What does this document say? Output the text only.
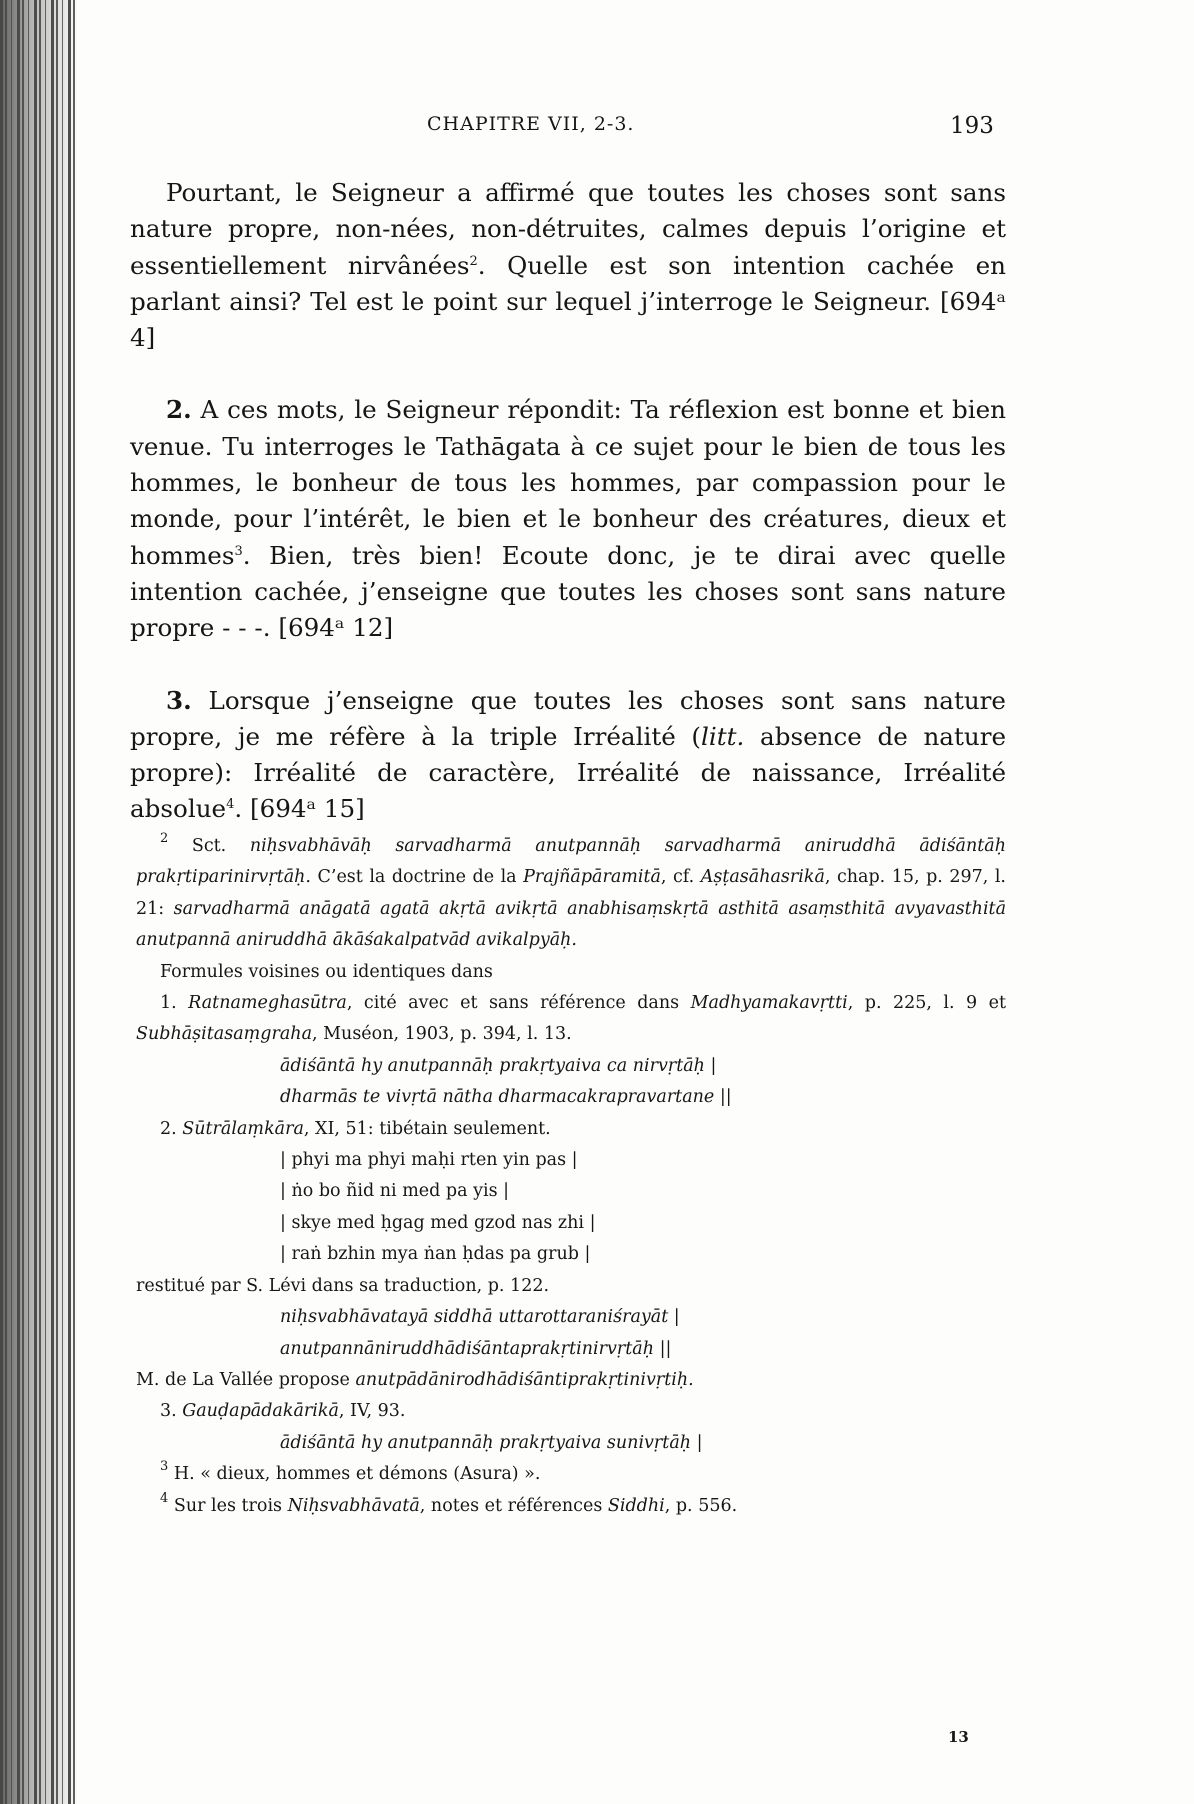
CHAPITRE VII, 2-3.	193

Pourtant, le Seigneur a affirmé que toutes les choses sont sans nature propre, non-nées, non-détruites, calmes depuis l’origine et essentiellement nirvânées$^2$. Quelle est son intention cachée en parlant ainsi? Tel est le point sur lequel j’interroge le Seigneur. [694ᵃ 4]

2. A ces mots, le Seigneur répondit: Ta réflexion est bonne et bien venue. Tu interroges le Tathāgata à ce sujet pour le bien de tous les hommes, le bonheur de tous les hommes, par compassion pour le monde, pour l’intérêt, le bien et le bonheur des créatures, dieux et hommes$^3$. Bien, très bien! Ecoute donc, je te dirai avec quelle intention cachée, j’enseigne que toutes les choses sont sans nature propre - - -. [694ᵃ 12]

3. Lorsque j’enseigne que toutes les choses sont sans nature propre, je me réfère à la triple Irréalité (litt. absence de nature propre): Irréalité de caractère, Irréalité de naissance, Irréalité absolue$^4$. [694ᵃ 15]

$^2$ Sct. niḥsvabhāvāḥ sarvadharmā anutpannāḥ sarvadharmā aniruddhā ādiśāntāḥ prakṛtiparinirvṛtāḥ. C’est la doctrine de la Prajñāpāramitā, cf. Aṣṭasāhasrikā, chap. 15, p. 297, l. 21: sarvadharmā anāgatā agatā akṛtā avikṛtā anabhisaṃskṛtā asthitā asaṃsthitā avyavasthitā anutpannā aniruddhā ākāśakalpatvād avikalpyāḥ.

Formules voisines ou identiques dans

1. Ratnameghasūtra, cité avec et sans référence dans Madhyamakavṛtti, p. 225, l. 9 et Subhāṣitasaṃgraha, Muséon, 1903, p. 394, l. 13.

ādiśāntā hy anutpannāḥ prakṛtyaiva ca nirvṛtāḥ |

dharmās te vivṛtā nātha dharmacakrapravartane ||

2. Sūtrālaṃkāra, XI, 51: tibétain seulement.

| phyi ma phyi maḥi rten yin pas |

| ṅo bo ñid ni med pa yis |

| skye med ḥgag med gzod nas zhi |

| raṅ bzhin mya ṅan ḥdas pa grub |

restitué par S. Lévi dans sa traduction, p. 122.

niḥsvabhāvatayā siddhā uttarottaraniśrayāt |

anutpannāniruddhādiśāntaprakṛtinirvṛtāḥ ||

M. de La Vallée propose anutpādānirodhādiśāntiprakṛtinivṛtiḥ.

3. Gauḍapādakārikā, IV, 93.

ādiśāntā hy anutpannāḥ prakṛtyaiva sunivṛtāḥ |

$^3$ H. « dieux, hommes et démons (Asura) ».

$^4$ Sur les trois Niḥsvabhāvatā, notes et références Siddhi, p. 556.

13
